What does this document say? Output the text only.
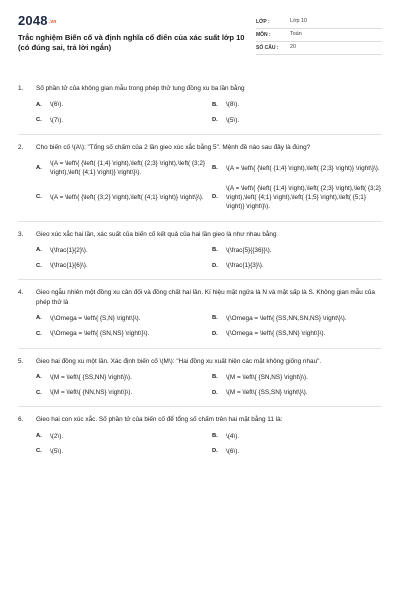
2048.vn
Trắc nghiệm Biến cố và định nghĩa cổ điển của xác suất lớp 10 (có đúng sai, trả lời ngắn)
LỚP :	Lớp 10
MÔN :	Toán
SỐ CÂU :	20
1.	Số phần tử của không gian mẫu trong phép thử tung đồng xu ba lần bằng
A.	\(6\).	B.	\(8\).
C.	\(7\).	D.	\(5\).
2.	Cho biến cố \(A\): "Tổng số chấm của 2 lần gieo xúc xắc bằng 5". Mệnh đề nào sau đây là đúng?
A.
\(A = \left\{ {\left( {1;4} \right),\left( {2;3} \right),\left( {3;2} \right),\left( {4;1} \right)} \right\}\).
B.	\(A = \left\{ {\left( {1;4} \right),\left( {2;3} \right)} \right\}\).
C.	\(A = \left\{ {\left( {3;2} \right),\left( {4;1} \right)} \right\}\).	D.
\(A = \left\{ {\left( {1;4} \right),\left( {2;3} \right),\left( {3;2} \right),\left( {4;1} \right),\left( {1;5} \right),\left( {5;1} \right)} \right\}\).
3.	Gieo xúc xắc hai lần, xác suất của biến cố kết quả của hai lần gieo là như nhau bằng
A.	\(\frac{1}{2}\).	B.	\(\frac{5}{{36}}\).
C.	\(\frac{1}{6}\).	D.	\(\frac{1}{3}\).
4.	Gieo ngẫu nhiên một đồng xu cân đối và đồng chất hai lần. Kí hiệu mặt ngửa là N và mặt sấp là S. Không gian mẫu của phép thử là
A.	\(\Omega = \left\{ {S,N} \right\}\).	B.	\(\Omega = \left\{ {SS,NN,SN,NS} \right\}\).
C.	\(\Omega = \left\{ {SN,NS} \right\}\).	D.	\(\Omega = \left\{ {SS,NN} \right\}\).
5.	Gieo hai đồng xu một lần. Xác định biến cố \(M\): "Hai đồng xu xuất hiện các mặt không giống nhau".
A.	\(M = \left\{ {SS,NN} \right\}\).	B.	\(M = \left\{ {SN,NS} \right\}\).
C.	\(M = \left\{ {NN,NS} \right\}\).	D.	\(M = \left\{ {SS,SN} \right\}\).
6.	Gieo hai con xúc xắc. Số phần tử của biến cố để tổng số chấm trên hai mặt bằng 11 là:
A.	\(2\).	B.	\(4\).
C.	\(5\).	D.	\(6\).
